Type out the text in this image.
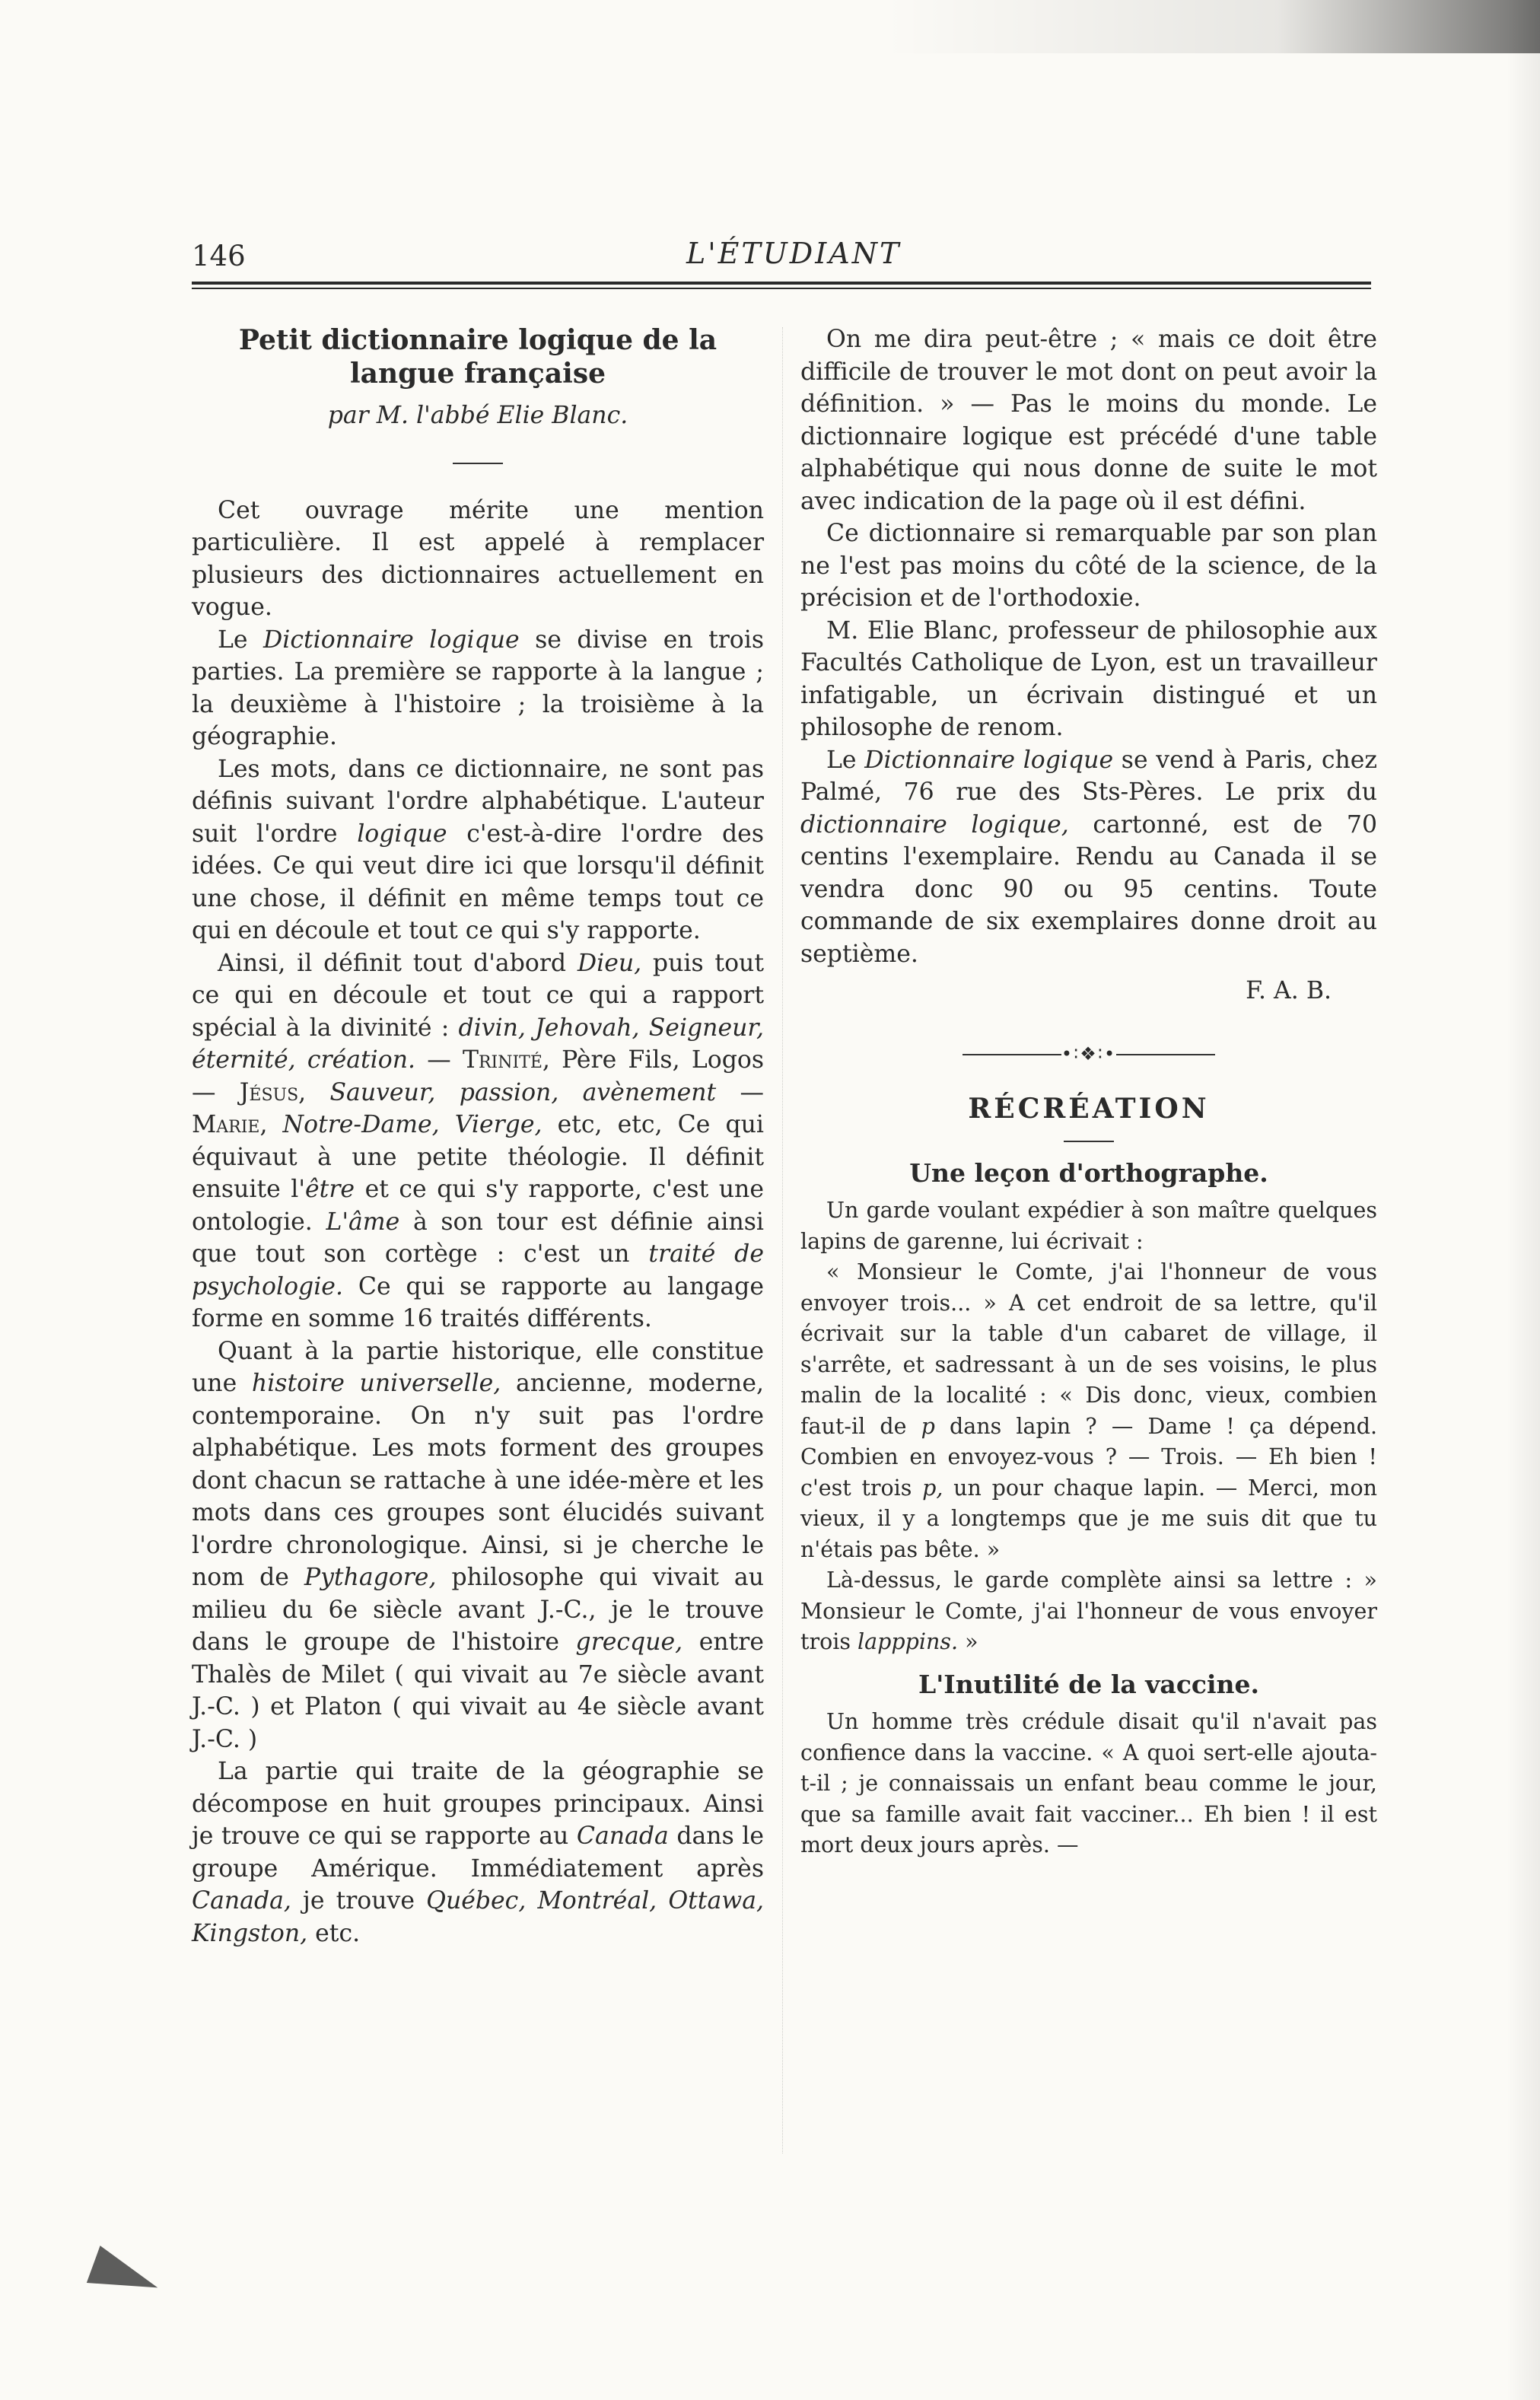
146	L'ÉTUDIANT
Petit dictionnaire logique de la langue française
par M. l'abbé Elie Blanc.

Cet ouvrage mérite une mention particulière. Il est appelé à remplacer plusieurs des dictionnaires actuellement en vogue.

Le Dictionnaire logique se divise en trois parties. La première se rapporte à la langue ; la deuxième à l'histoire ; la troisième à la géographie.

Les mots, dans ce dictionnaire, ne sont pas définis suivant l'ordre alphabétique. L'auteur suit l'ordre logique c'est-à-dire l'ordre des idées. Ce qui veut dire ici que lorsqu'il définit une chose, il définit en même temps tout ce qui en découle et tout ce qui s'y rapporte.

Ainsi, il définit tout d'abord Dieu, puis tout ce qui en découle et tout ce qui a rapport spécial à la divinité : divin, Jehovah, Seigneur, éternité, création. — Trinité, Père Fils, Logos — Jésus, Sauveur, passion, avènement — Marie, Notre-Dame, Vierge, etc, etc, Ce qui équivaut à une petite théologie. Il définit ensuite l'être et ce qui s'y rapporte, c'est une ontologie. L'âme à son tour est définie ainsi que tout son cortège : c'est un traité de psychologie. Ce qui se rapporte au langage forme en somme 16 traités différents.

Quant à la partie historique, elle constitue une histoire universelle, ancienne, moderne, contemporaine. On n'y suit pas l'ordre alphabétique. Les mots forment des groupes dont chacun se rattache à une idée-mère et les mots dans ces groupes sont élucidés suivant l'ordre chronologique. Ainsi, si je cherche le nom de Pythagore, philosophe qui vivait au milieu du 6e siècle avant J.-C., je le trouve dans le groupe de l'histoire grecque, entre Thalès de Milet ( qui vivait au 7e siècle avant J.-C. ) et Platon ( qui vivait au 4e siècle avant J.-C. )

La partie qui traite de la géographie se décompose en huit groupes principaux. Ainsi je trouve ce qui se rapporte au Canada dans le groupe Amérique. Immédiatement après Canada, je trouve Québec, Montréal, Ottawa, Kingston, etc.

On me dira peut-être ; « mais ce doit être difficile de trouver le mot dont on peut avoir la définition. » — Pas le moins du monde. Le dictionnaire logique est précédé d'une table alphabétique qui nous donne de suite le mot avec indication de la page où il est défini.

Ce dictionnaire si remarquable par son plan ne l'est pas moins du côté de la science, de la précision et de l'orthodoxie.

M. Elie Blanc, professeur de philosophie aux Facultés Catholique de Lyon, est un travailleur infatigable, un écrivain distingué et un philosophe de renom.

Le Dictionnaire logique se vend à Paris, chez Palmé, 76 rue des Sts-Pères. Le prix du dictionnaire logique, cartonné, est de 70 centins l'exemplaire. Rendu au Canada il se vendra donc 90 ou 95 centins. Toute commande de six exemplaires donne droit au septième.

F. A. B.
•∶❖∶•
RÉCRÉATION
Une leçon d'orthographe.

Un garde voulant expédier à son maître quelques lapins de garenne, lui écrivait :

« Monsieur le Comte, j'ai l'honneur de vous envoyer trois... » A cet endroit de sa lettre, qu'il écrivait sur la table d'un cabaret de village, il s'arrête, et sadressant à un de ses voisins, le plus malin de la localité : « Dis donc, vieux, combien faut-il de p dans lapin ? — Dame ! ça dépend. Combien en envoyez-vous ? — Trois. — Eh bien ! c'est trois p, un pour chaque lapin. — Merci, mon vieux, il y a longtemps que je me suis dit que tu n'étais pas bête. »

Là-dessus, le garde complète ainsi sa lettre : » Monsieur le Comte, j'ai l'honneur de vous envoyer trois lapppins. »

L'Inutilité de la vaccine.

Un homme très crédule disait qu'il n'avait pas confience dans la vaccine. « A quoi sert-elle ajouta-t-il ; je connaissais un enfant beau comme le jour, que sa famille avait fait vacciner... Eh bien ! il est mort deux jours après. —
